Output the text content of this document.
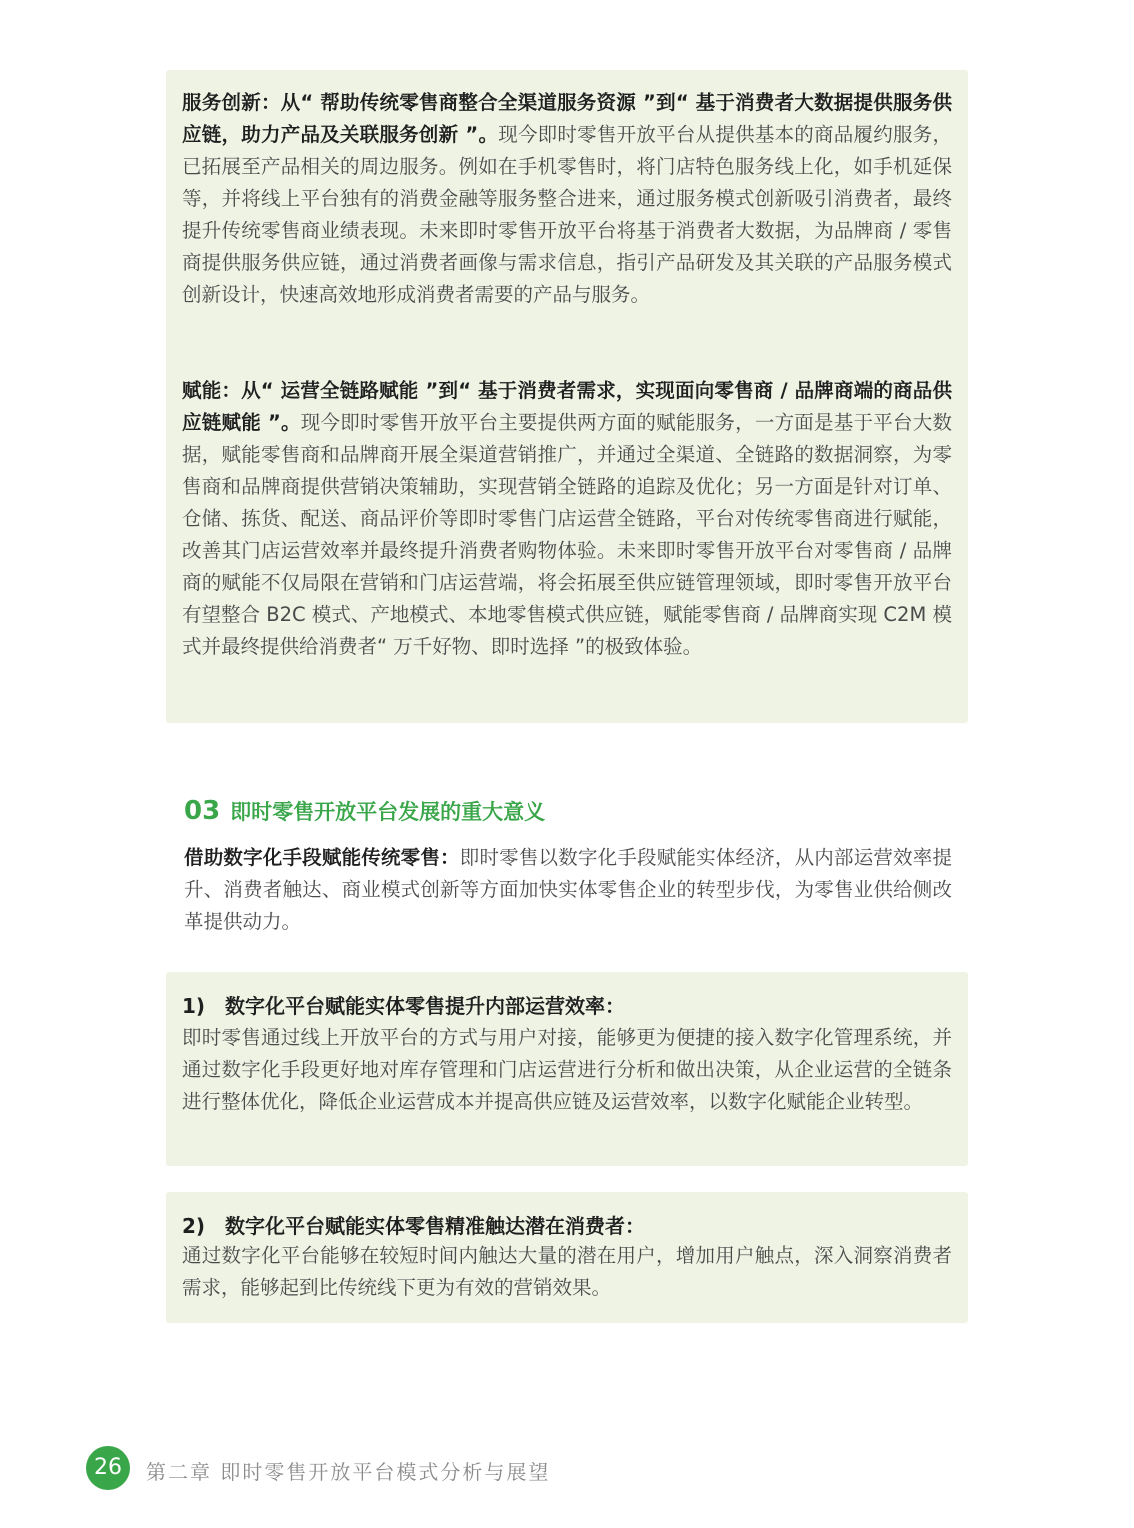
服务创新：从“ 帮助传统零售商整合全渠道服务资源 ”到“ 基于消费者大数据提供服务供应链，助力产品及关联服务创新 ”。现今即时零售开放平台从提供基本的商品履约服务，已拓展至产品相关的周边服务。例如在手机零售时，将门店特色服务线上化，如手机延保等，并将线上平台独有的消费金融等服务整合进来，通过服务模式创新吸引消费者，最终提升传统零售商业绩表现。未来即时零售开放平台将基于消费者大数据，为品牌商 / 零售商提供服务供应链，通过消费者画像与需求信息，指引产品研发及其关联的产品服务模式创新设计，快速高效地形成消费者需要的产品与服务。

赋能：从“ 运营全链路赋能 ”到“ 基于消费者需求，实现面向零售商 / 品牌商端的商品供应链赋能 ”。现今即时零售开放平台主要提供两方面的赋能服务，一方面是基于平台大数据，赋能零售商和品牌商开展全渠道营销推广，并通过全渠道、全链路的数据洞察，为零售商和品牌商提供营销决策辅助，实现营销全链路的追踪及优化；另一方面是针对订单、仓储、拣货、配送、商品评价等即时零售门店运营全链路，平台对传统零售商进行赋能，改善其门店运营效率并最终提升消费者购物体验。未来即时零售开放平台对零售商 / 品牌商的赋能不仅局限在营销和门店运营端，将会拓展至供应链管理领域，即时零售开放平台有望整合 B2C 模式、产地模式、本地零售模式供应链，赋能零售商 / 品牌商实现 C2M 模式并最终提供给消费者“ 万千好物、即时选择 ”的极致体验。

03 即时零售开放平台发展的重大意义

借助数字化手段赋能传统零售：即时零售以数字化手段赋能实体经济，从内部运营效率提升、消费者触达、商业模式创新等方面加快实体零售企业的转型步伐，为零售业供给侧改革提供动力。

1)　数字化平台赋能实体零售提升内部运营效率：

即时零售通过线上开放平台的方式与用户对接，能够更为便捷的接入数字化管理系统，并通过数字化手段更好地对库存管理和门店运营进行分析和做出决策，从企业运营的全链条进行整体优化，降低企业运营成本并提高供应链及运营效率，以数字化赋能企业转型。

2)　数字化平台赋能实体零售精准触达潜在消费者：

通过数字化平台能够在较短时间内触达大量的潜在用户，增加用户触点，深入洞察消费者需求，能够起到比传统线下更为有效的营销效果。

26	第二章 即时零售开放平台模式分析与展望
